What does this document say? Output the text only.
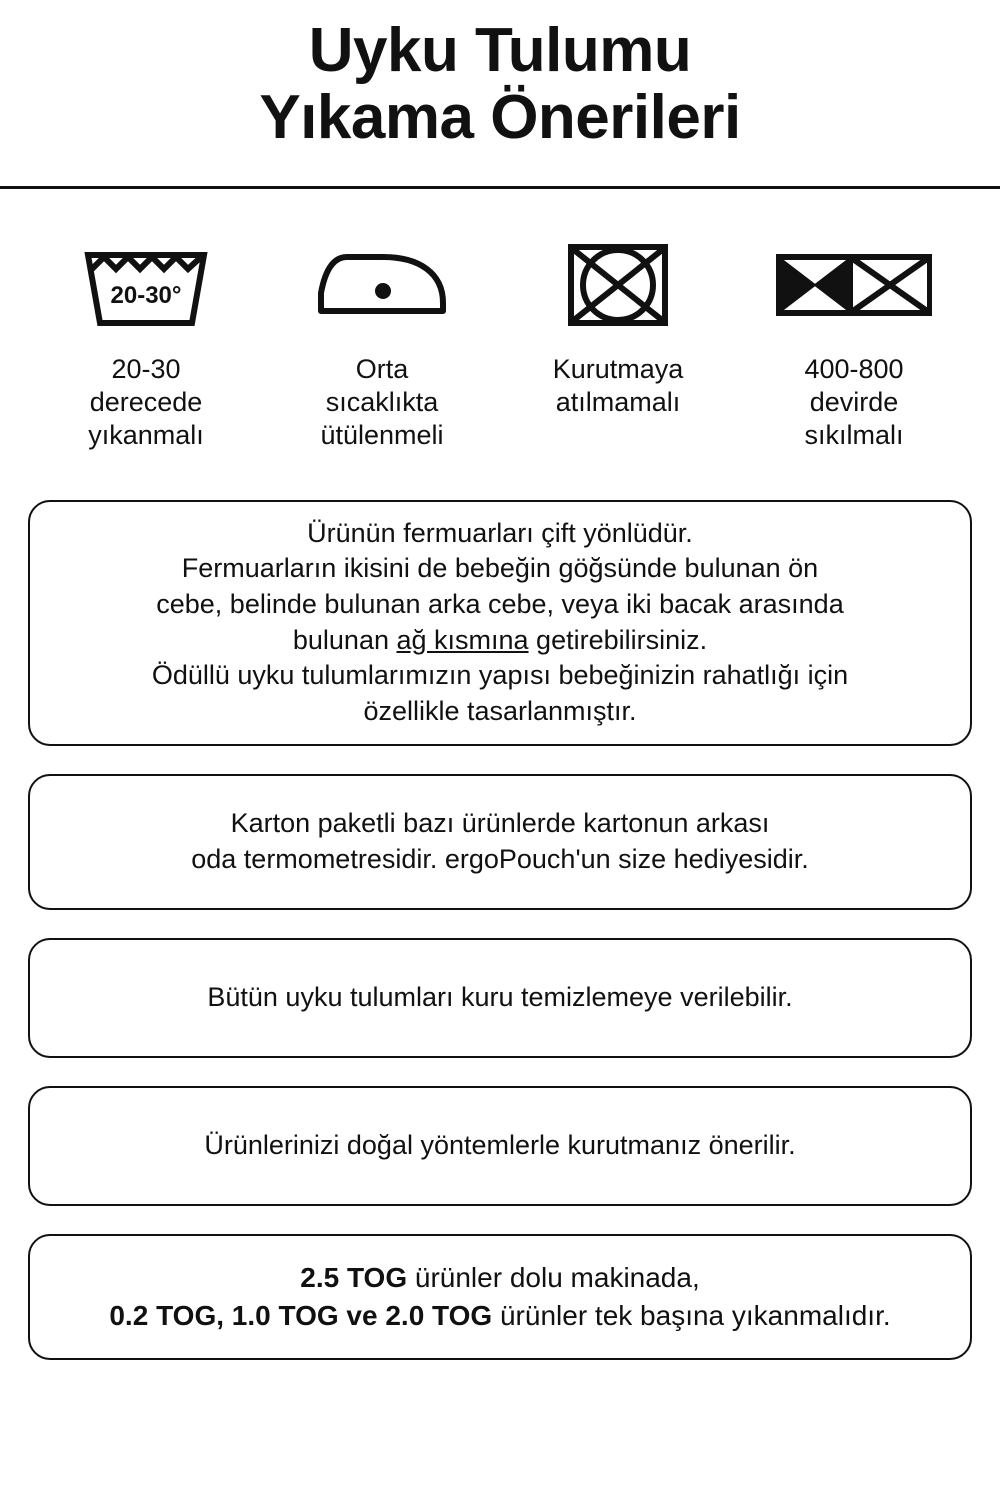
Uyku Tulumu
Yıkama Önerileri
20-30°
20-30
derecede
yıkanmalı
Orta
sıcaklıkta
ütülenmeli
Kurutmaya
atılmamalı
400-800
devirde
sıkılmalı

Ürünün fermuarları çift yönlüdür.
Fermuarların ikisini de bebeğin göğsünde bulunan ön
cebe, belinde bulunan arka cebe, veya iki bacak arasında
bulunan ağ kısmına getirebilirsiniz.
Ödüllü uyku tulumlarımızın yapısı bebeğinizin rahatlığı için
özellikle tasarlanmıştır.

Karton paketli bazı ürünlerde kartonun arkası
oda termometresidir. ergoPouch'un size hediyesidir.

Bütün uyku tulumları kuru temizlemeye verilebilir.

Ürünlerinizi doğal yöntemlerle kurutmanız önerilir.

2.5 TOG ürünler dolu makinada,
0.2 TOG, 1.0 TOG ve 2.0 TOG ürünler tek başına yıkanmalıdır.
